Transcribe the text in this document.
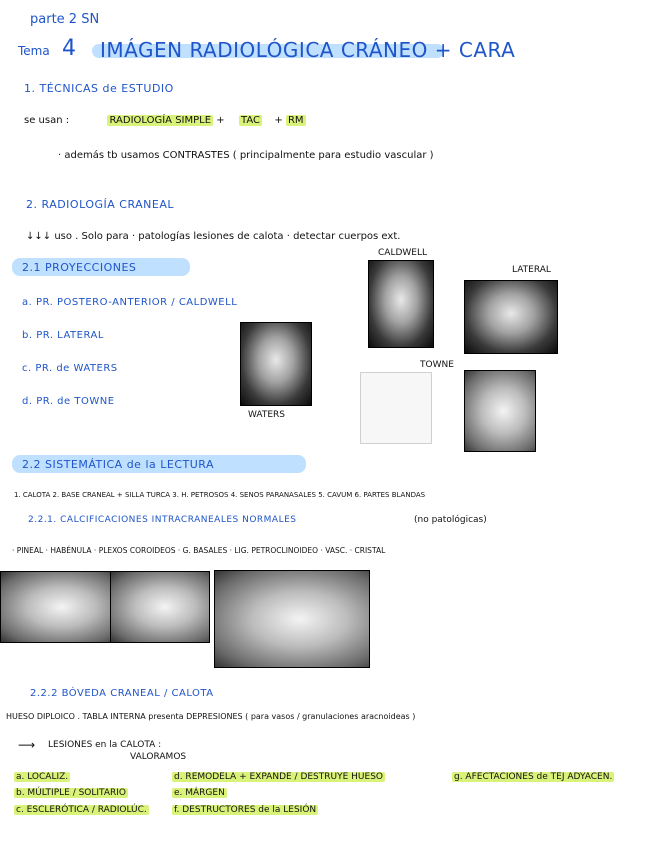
parte 2 SN
Tema 4 IMÁGEN RADIOLÓGICA CRÁNEO + CARA
1. TÉCNICAS de ESTUDIO
se usan :	RADIOLOGÍA SIMPLE + TAC + RM
· además tb usamos CONTRASTES ( principalmente para estudio vascular )
2. RADIOLOGÍA CRANEAL
↓↓↓ uso . Solo para · patologías lesiones de calota · detectar cuerpos ext.
2.1 PROYECCIONES
a. PR. POSTERO-ANTERIOR / CALDWELL
b. PR. LATERAL
c. PR. de WATERS
d. PR. de TOWNE
CALDWELL
LATERAL
WATERS
TOWNE
2.2 SISTEMÁTICA de la LECTURA
1. CALOTA 2. BASE CRANEAL + SILLA TURCA 3. H. PETROSOS 4. SENOS PARANASALES 5. CAVUM 6. PARTES BLANDAS
2.2.1. CALCIFICACIONES INTRACRANEALES NORMALES	(no patológicas)
· PINEAL · HABÉNULA · PLEXOS COROIDEOS · G. BASALES · LIG. PETROCLINOIDEO · VASC. · CRISTAL
2.2.2 BÓVEDA CRANEAL / CALOTA
HUESO DIPLOICO . TABLA INTERNA presenta DEPRESIONES ( para vasos / granulaciones aracnoideas )
⟶ LESIONES en la CALOTA :
VALORAMOS
a. LOCALIZ.
b. MÚLTIPLE / SOLITARIO
c. ESCLERÓTICA / RADIOLÚC.
d. REMODELA + EXPANDE / DESTRUYE HUESO
e. MÁRGEN
f. DESTRUCTORES de la LESIÓN
g. AFECTACIONES de TEJ ADYACEN.
